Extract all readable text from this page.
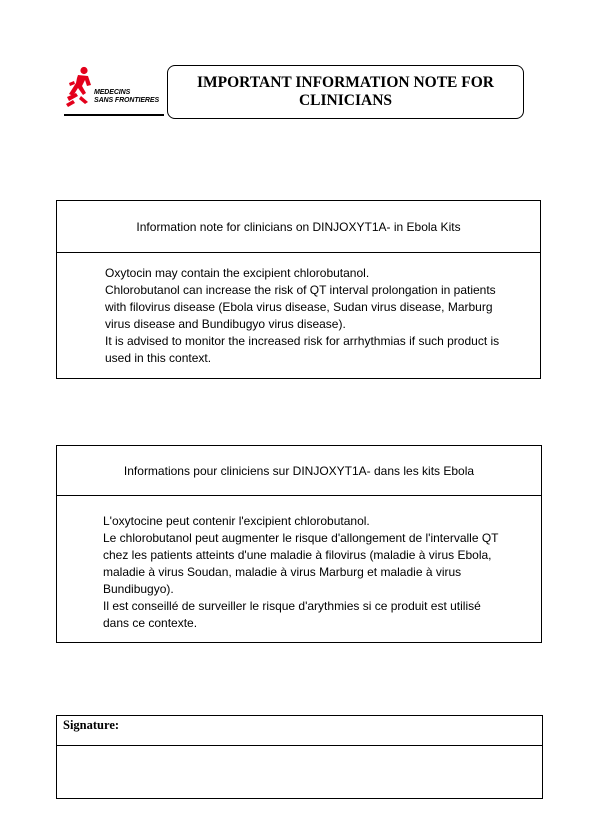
MEDECINS
SANS FRONTIERES
IMPORTANT INFORMATION NOTE FOR
CLINICIANS
Information note for clinicians on DINJOXYT1A- in Ebola Kits

Oxytocin may contain the excipient chlorobutanol.

Chlorobutanol can increase the risk of QT interval prolongation in patients

with filovirus disease (Ebola virus disease, Sudan virus disease, Marburg

virus disease and Bundibugyo virus disease).

It is advised to monitor the increased risk for arrhythmias if such product is

used in this context.

Informations pour cliniciens sur DINJOXYT1A- dans les kits Ebola

L'oxytocine peut contenir l'excipient chlorobutanol.

Le chlorobutanol peut augmenter le risque d'allongement de l'intervalle QT

chez les patients atteints d'une maladie à filovirus (maladie à virus Ebola,

maladie à virus Soudan, maladie à virus Marburg et maladie à virus

Bundibugyo).

Il est conseillé de surveiller le risque d'arythmies si ce produit est utilisé

dans ce contexte.

Signature:
